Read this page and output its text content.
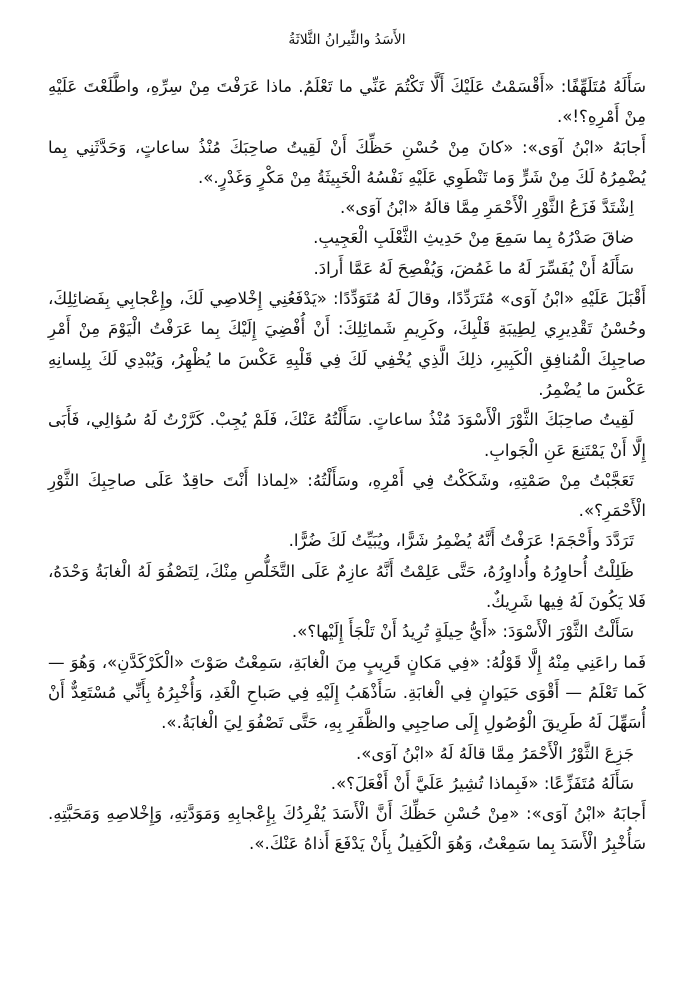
الأَسَدُ والثِّيرانُ الثَّلاثَةُ

سَأَلَهُ مُتَلَهِّفًا: «أَقْسَمْتُ عَلَيْكَ أَلَّا تَكْتُمَ عَنِّي ما تَعْلَمُ. ماذا عَرَفْتَ مِنْ سِرِّهِ، واطَّلَعْتَ عَلَيْهِ مِنْ أَمْرِهِ؟!».

أَجابَهُ «ابْنُ آوَى»: «كانَ مِنْ حُسْنِ حَظِّكَ أَنْ لَقِيتُ صاحِبَكَ مُنْذُ ساعاتٍ، وَحَدَّثَنِي بِما يُضْمِرُهُ لَكَ مِنْ شَرٍّ وَما تَنْطَوِي عَلَيْهِ نَفْسُهُ الْخَبِيثَةُ مِنْ مَكْرٍ وَغَدْرٍ.».

اِشْتَدَّ فَزَعُ الثَّوْرِ الْأَحْمَرِ مِمَّا قالَهُ «ابْنُ آوَى».

ضاقَ صَدْرُهُ بِما سَمِعَ مِنْ حَدِيثِ الثَّعْلَبِ الْعَجِيبِ.

سَأَلَهُ أَنْ يُفَسِّرَ لَهُ ما غَمُضَ، وَيُفْصِحَ لَهُ عَمَّا أَرادَ.

أَقْبَلَ عَلَيْهِ «ابْنُ آوَى» مُتَرَدِّدًا، وقالَ لَهُ مُتَوَدِّدًا: «يَدْفَعُنِي إِخْلاصِي لَكَ، وإِعْجابِي بِفَضائِلِكَ، وحُسْنُ تَقْدِيرِي لِطِيبَةِ قَلْبِكَ، وكَرِيمِ شَمائِلِكَ: أَنْ أُفْضِيَ إِلَيْكَ بِما عَرَفْتُ الْيَوْمَ مِنْ أَمْرِ صاحِبِكَ الْمُنافِقِ الْكَبِيرِ، ذلِكَ الَّذِي يُخْفِي لَكَ فِي قَلْبِهِ عَكْسَ ما يُظْهِرُ، وَيُبْدِي لَكَ بِلِسانِهِ عَكْسَ ما يُضْمِرُ.

لَقِيتُ صاحِبَكَ الثَّوْرَ الْأَسْوَدَ مُنْذُ ساعاتٍ. سَأَلْتُهُ عَنْكَ، فَلَمْ يُجِبْ. كَرَّرْتُ لَهُ سُؤالِي، فَأَبَى إِلَّا أَنْ يَمْتَنِعَ عَنِ الْجَوابِ.

تَعَجَّبْتُ مِنْ صَمْتِهِ، وشَكَكْتُ فِي أَمْرِهِ، وسَأَلْتُهُ: «لِماذا أَنْتَ حاقِدٌ عَلَى صاحِبِكَ الثَّوْرِ الْأَحْمَرِ؟».

تَرَدَّدَ وأَحْجَمَ! عَرَفْتُ أَنَّهُ يُضْمِرُ شَرًّا، ويُبَيِّتُ لَكَ ضُرًّا.

ظَلِلْتُ أُحاوِرُهُ وأُداوِرُهُ، حَتَّى عَلِمْتُ أَنَّهُ عازِمٌ عَلَى التَّخَلُّصِ مِنْكَ، لِتَصْفُوَ لَهُ الْغابَةُ وَحْدَهُ، فَلا يَكُونَ لَهُ فِيها شَرِيكٌ.

سَأَلْتُ الثَّوْرَ الْأَسْوَدَ: «أَيُّ حِيلَةٍ تُرِيدُ أَنْ تَلْجَأَ إِلَيْها؟».

فَما راعَنِي مِنْهُ إِلَّا قَوْلُهُ: «فِي مَكانٍ قَرِيبٍ مِنَ الْغابَةِ، سَمِعْتُ صَوْتَ «الْكَرْكَدَّنِ»، وَهُوَ — كَما تَعْلَمُ — أَقْوَى حَيَوانٍ فِي الْغابَةِ. سَأَذْهَبُ إِلَيْهِ فِي صَباحِ الْغَدِ، وَأُخْبِرُهُ بِأَنِّي مُسْتَعِدٌّ أَنْ أُسَهِّلَ لَهُ طَرِيقَ الْوُصُولِ إِلَى صاحِبِي والظَّفَرِ بِهِ، حَتَّى تَصْفُوَ لِيَ الْغابَةُ.».

جَزِعَ الثَّوْرُ الْأَحْمَرُ مِمَّا قالَهُ لَهُ «ابْنُ آوَى».

سَأَلَهُ مُتَفَزِّعًا: «فَبِماذا تُشِيرُ عَلَيَّ أَنْ أَفْعَلَ؟».

أَجابَهُ «ابْنُ آوَى»: «مِنْ حُسْنِ حَظِّكَ أَنَّ الْأَسَدَ يُفْرِدُكَ بِإِعْجابِهِ وَمَوَدَّتِهِ، وَإِخْلاصِهِ وَمَحَبَّتِهِ. سَأُخْبِرُ الْأَسَدَ بِما سَمِعْتُ، وَهُوَ الْكَفِيلُ بِأَنْ يَدْفَعَ أَذاهُ عَنْكَ.».
